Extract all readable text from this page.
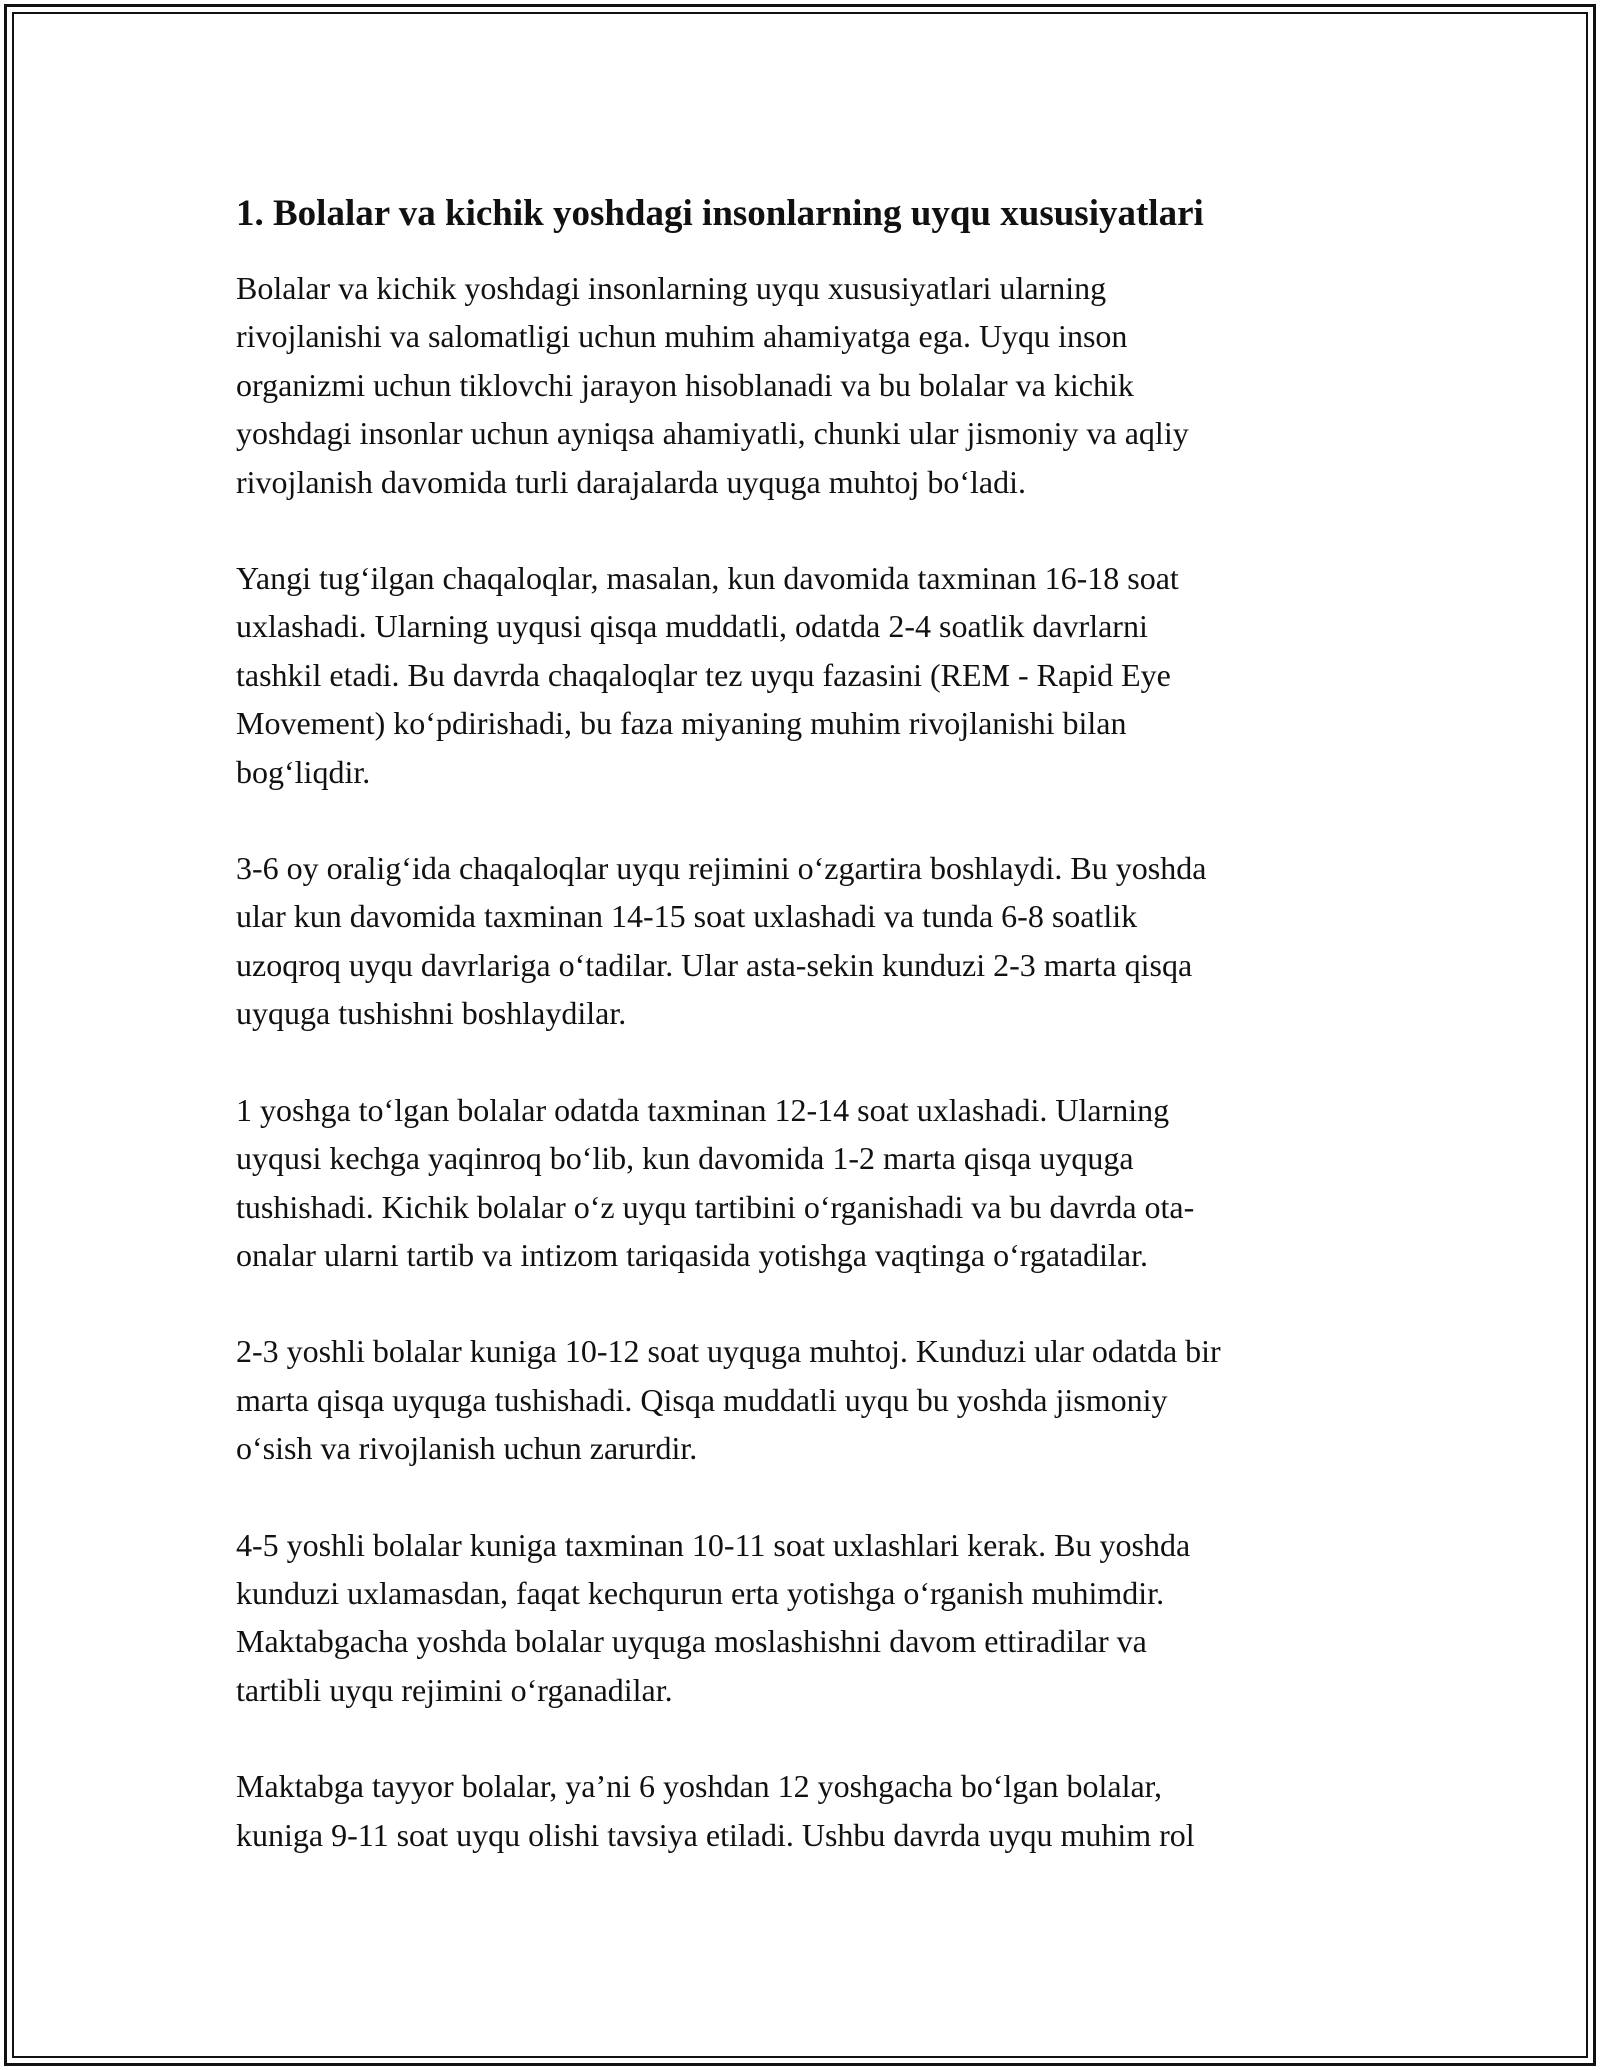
1. Bolalar va kichik yoshdagi insonlarning uyqu xususiyatlari

Bolalar va kichik yoshdagi insonlarning uyqu xususiyatlari ularning
rivojlanishi va salomatligi uchun muhim ahamiyatga ega. Uyqu inson
organizmi uchun tiklovchi jarayon hisoblanadi va bu bolalar va kichik
yoshdagi insonlar uchun ayniqsa ahamiyatli, chunki ular jismoniy va aqliy
rivojlanish davomida turli darajalarda uyquga muhtoj bo‘ladi.

Yangi tug‘ilgan chaqaloqlar, masalan, kun davomida taxminan 16-18 soat
uxlashadi. Ularning uyqusi qisqa muddatli, odatda 2-4 soatlik davrlarni
tashkil etadi. Bu davrda chaqaloqlar tez uyqu fazasini (REM - Rapid Eye
Movement) ko‘pdirishadi, bu faza miyaning muhim rivojlanishi bilan
bog‘liqdir.

3-6 oy oralig‘ida chaqaloqlar uyqu rejimini o‘zgartira boshlaydi. Bu yoshda
ular kun davomida taxminan 14-15 soat uxlashadi va tunda 6-8 soatlik
uzoqroq uyqu davrlariga o‘tadilar. Ular asta-sekin kunduzi 2-3 marta qisqa
uyquga tushishni boshlaydilar.

1 yoshga to‘lgan bolalar odatda taxminan 12-14 soat uxlashadi. Ularning
uyqusi kechga yaqinroq bo‘lib, kun davomida 1-2 marta qisqa uyquga
tushishadi. Kichik bolalar o‘z uyqu tartibini o‘rganishadi va bu davrda ota-
onalar ularni tartib va intizom tariqasida yotishga vaqtinga o‘rgatadilar.

2-3 yoshli bolalar kuniga 10-12 soat uyquga muhtoj. Kunduzi ular odatda bir
marta qisqa uyquga tushishadi. Qisqa muddatli uyqu bu yoshda jismoniy
o‘sish va rivojlanish uchun zarurdir.

4-5 yoshli bolalar kuniga taxminan 10-11 soat uxlashlari kerak. Bu yoshda
kunduzi uxlamasdan, faqat kechqurun erta yotishga o‘rganish muhimdir.
Maktabgacha yoshda bolalar uyquga moslashishni davom ettiradilar va
tartibli uyqu rejimini o‘rganadilar.

Maktabga tayyor bolalar, ya’ni 6 yoshdan 12 yoshgacha bo‘lgan bolalar,
kuniga 9-11 soat uyqu olishi tavsiya etiladi. Ushbu davrda uyqu muhim rol
